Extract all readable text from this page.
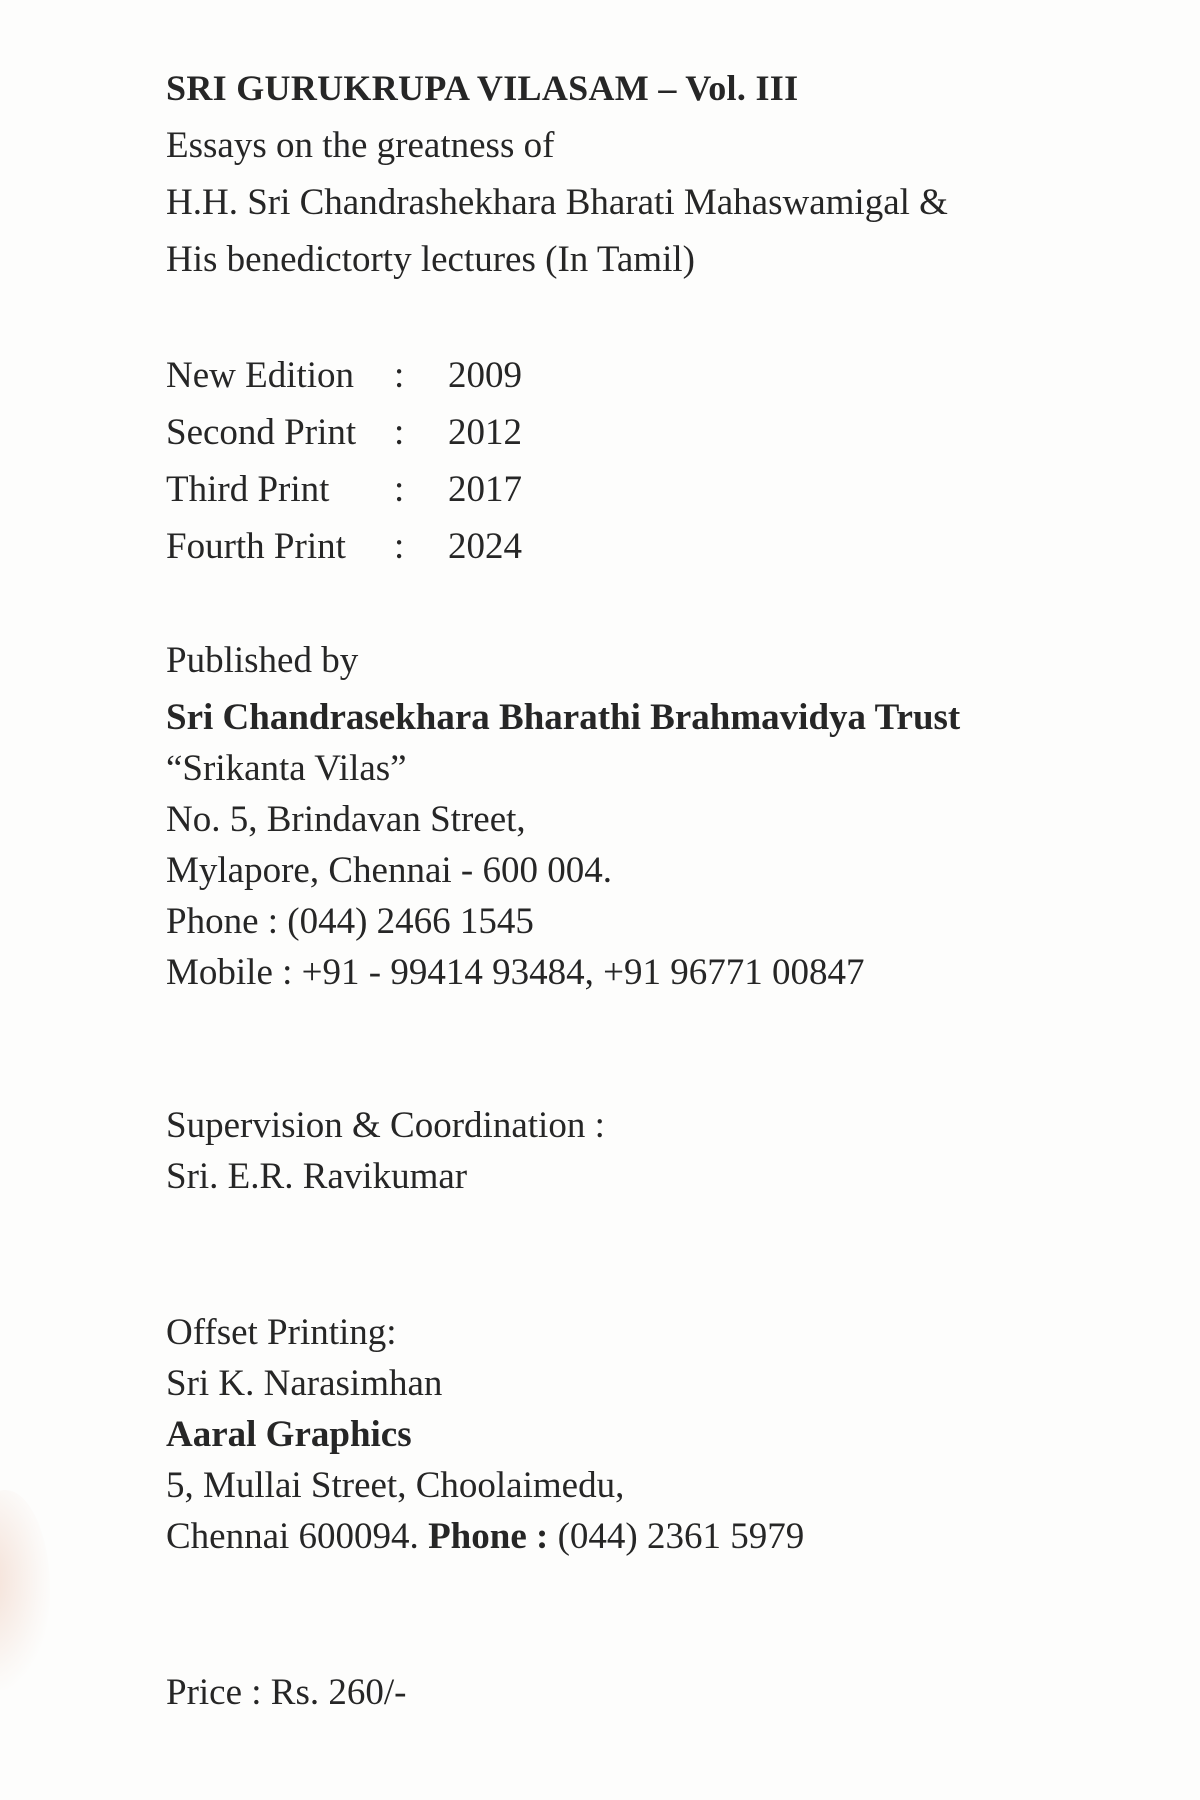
SRI GURUKRUPA VILASAM – Vol. III
Essays on the greatness of
H.H. Sri Chandrashekhara Bharati Mahaswamigal &
His benedictorty lectures (In Tamil)
New Edition	:	2009
Second Print	:	2012
Third Print	:	2017
Fourth Print	:	2024
Published by
Sri Chandrasekhara Bharathi Brahmavidya Trust
“Srikanta Vilas”
No. 5, Brindavan Street,
Mylapore, Chennai - 600 004.
Phone : (044) 2466 1545
Mobile : +91 - 99414 93484, +91 96771 00847
Supervision & Coordination :
Sri. E.R. Ravikumar
Offset Printing:
Sri K. Narasimhan
Aaral Graphics
5, Mullai Street, Choolaimedu,
Chennai 600094. Phone : (044) 2361 5979
Price : Rs. 260/-
